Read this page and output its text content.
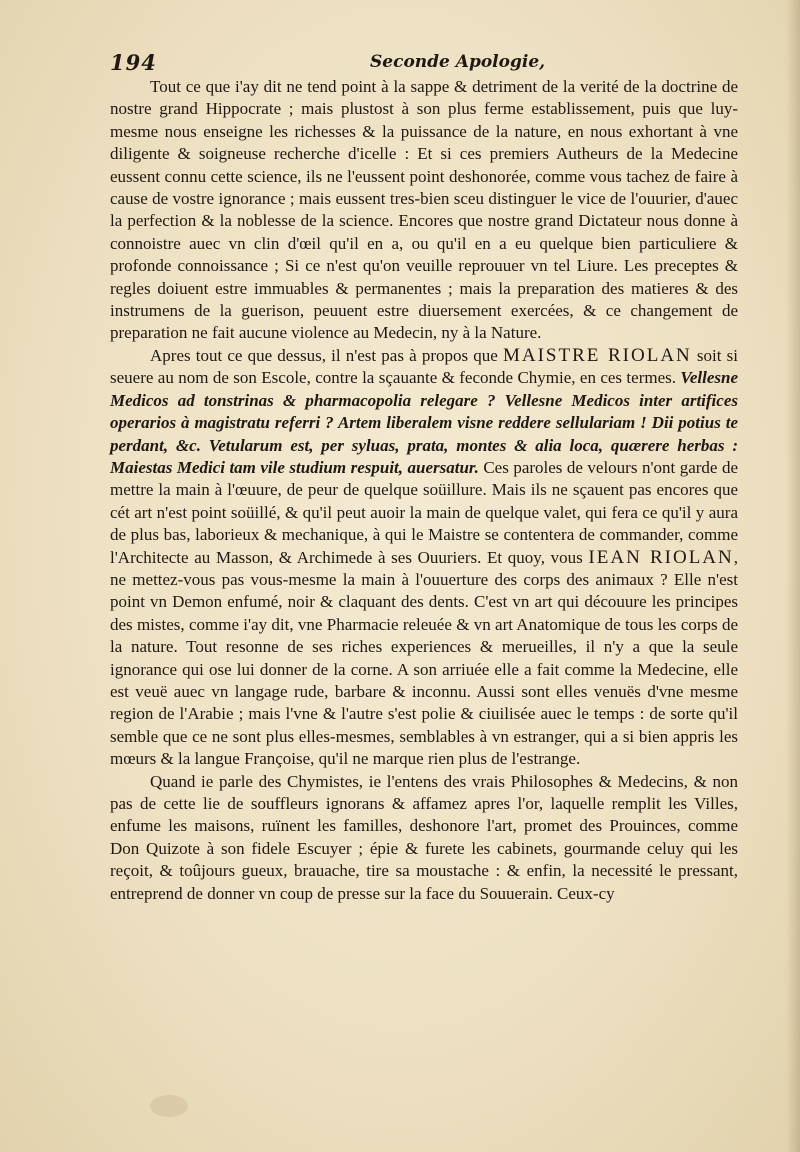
194	Seconde Apologie,

Tout ce que i'ay dit ne tend point à la sappe & detriment de la verité de la doctrine de nostre grand Hippocrate ; mais plustost à son plus ferme establissement, puis que luy-mesme nous enseigne les richesses & la puissance de la nature, en nous exhortant à vne diligente & soigneuse recherche d'icelle : Et si ces premiers Autheurs de la Medecine eussent connu cette science, ils ne l'eussent point deshonorée, comme vous tachez de faire à cause de vostre ignorance ; mais eussent tres-bien sceu distinguer le vice de l'ouurier, d'auec la perfection & la noblesse de la science. Encores que nostre grand Dictateur nous donne à connoistre auec vn clin d'œil qu'il en a, ou qu'il en a eu quelque bien particuliere & profonde connoissance ; Si ce n'est qu'on veuille reprouuer vn tel Liure. Les preceptes & regles doiuent estre immuables & permanentes ; mais la preparation des matieres & des instrumens de la guerison, peuuent estre diuersement exercées, & ce changement de preparation ne fait aucune violence au Medecin, ny à la Nature.

Apres tout ce que dessus, il n'est pas à propos que MAISTRE RIOLAN soit si seuere au nom de son Escole, contre la sçauante & feconde Chymie, en ces termes. Vellesne Medicos ad tonstrinas & pharmacopolia relegare ? Vellesne Medicos inter artifices operarios à magistratu referri ? Artem liberalem visne reddere sellulariam ! Dii potius te perdant, &c. Vetularum est, per syluas, prata, montes & alia loca, quærere herbas : Maiestas Medici tam vile studium respuit, auersatur. Ces paroles de velours n'ont garde de mettre la main à l'œuure, de peur de quelque soüillure. Mais ils ne sçauent pas encores que cét art n'est point soüillé, & qu'il peut auoir la main de quelque valet, qui fera ce qu'il y aura de plus bas, laborieux & mechanique, à qui le Maistre se contentera de commander, comme l'Architecte au Masson, & Archimede à ses Ouuriers. Et quoy, vous IEAN RIOLAN, ne mettez-vous pas vous-mesme la main à l'ouuerture des corps des animaux ? Elle n'est point vn Demon enfumé, noir & claquant des dents. C'est vn art qui découure les principes des mistes, comme i'ay dit, vne Pharmacie releuée & vn art Anatomique de tous les corps de la nature. Tout resonne de ses riches experiences & merueilles, il n'y a que la seule ignorance qui ose lui donner de la corne. A son arriuée elle a fait comme la Medecine, elle est veuë auec vn langage rude, barbare & inconnu. Aussi sont elles venuës d'vne mesme region de l'Arabie ; mais l'vne & l'autre s'est polie & ciuilisée auec le temps : de sorte qu'il semble que ce ne sont plus elles-mesmes, semblables à vn estranger, qui a si bien appris les mœurs & la langue Françoise, qu'il ne marque rien plus de l'estrange.

Quand ie parle des Chymistes, ie l'entens des vrais Philosophes & Medecins, & non pas de cette lie de souffleurs ignorans & affamez apres l'or, laquelle remplit les Villes, enfume les maisons, ruïnent les familles, deshonore l'art, promet des Prouinces, comme Don Quizote à son fidele Escuyer ; épie & furete les cabinets, gourmande celuy qui les reçoit, & toûjours gueux, brauache, tire sa moustache : & enfin, la necessité le pressant, entreprend de donner vn coup de presse sur la face du Souuerain. Ceux-cy
